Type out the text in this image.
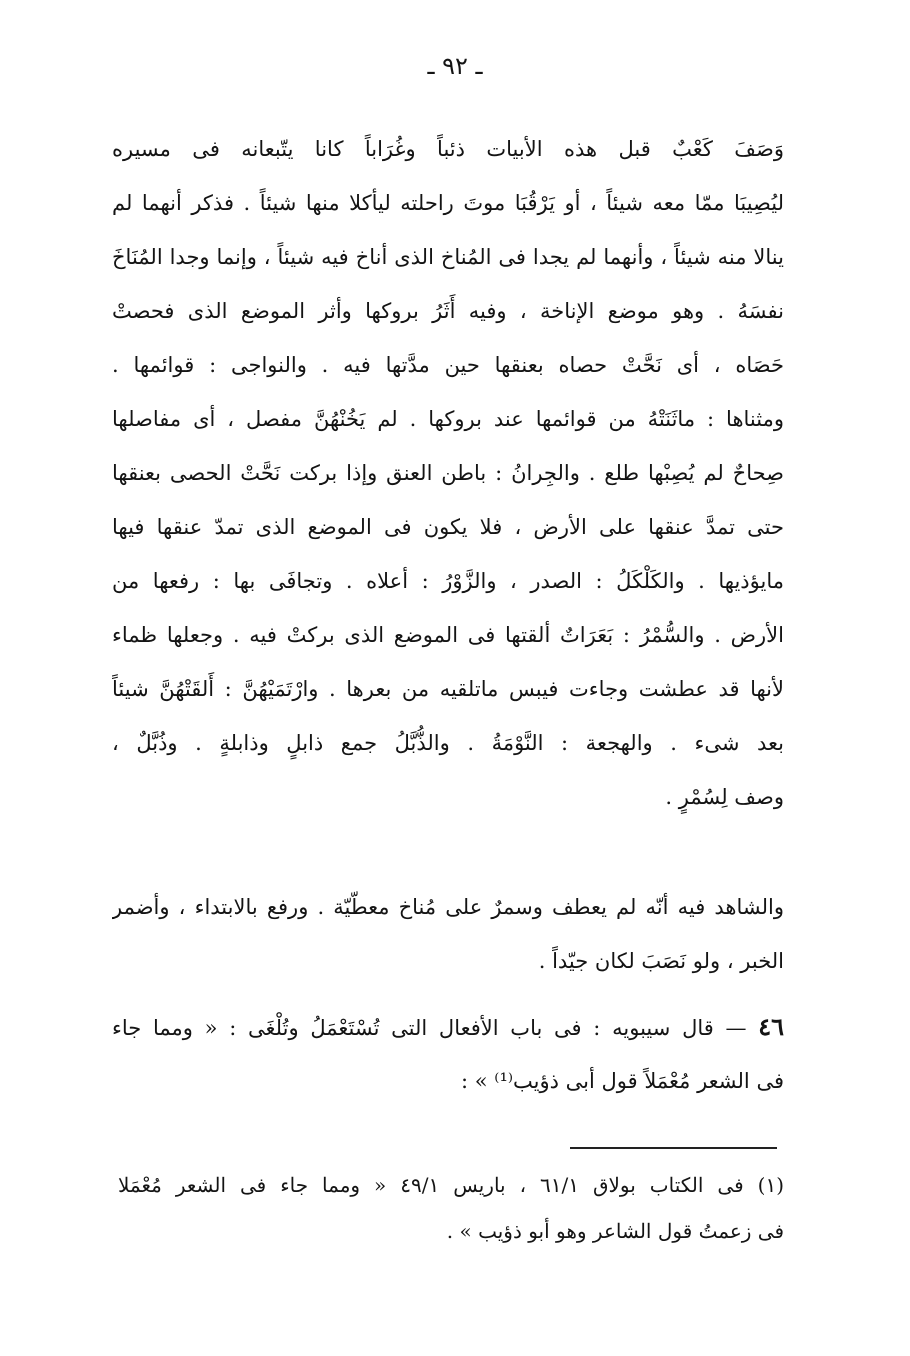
ـ ٩٢ ـ
وَصَفَ كَعْبٌ قبل هذه الأبيات ذئباً وغُرَاباً كانا يتّبعانه فى مسيره
ليُصِيبَا ممّا معه شيئاً ، أو يَرْقُبَا موتَ راحلته ليأكلا منها شيئاً . فذكر أنهما لم
ينالا منه شيئاً ، وأنهما لم يجدا فى المُناخ الذى أناخ فيه شيئاً ، وإنما وجدا المُنَاخَ
نفسَهُ . وهو موضع الإناخة ، وفيه أَثَرُ بروكها وأثر الموضع الذى فحصتْ
حَصَاه ، أى نَحَّتْ حصاه بعنقها حين مدَّتها فيه . والنواجى : قوائمها .
ومثناها : ماثَنَتْهُ من قوائمها عند بروكها . لم يَخُنْهُنَّ مفصل ، أى مفاصلها
صِحاحٌ لم يُصِبْها طلع . والجِرانُ : باطن العنق وإذا بركت نَحَّتْ الحصى بعنقها
حتى تمدَّ عنقها على الأرض ، فلا يكون فى الموضع الذى تمدّ عنقها فيها
مايؤذيها . والكَلْكَلُ : الصدر ، والزَّوْرُ : أعلاه . وتجافَى بها : رفعها من
الأرض . والسُّمْرُ : بَعَرَاتٌ ألقتها فى الموضع الذى بركتْ فيه . وجعلها ظماء
لأنها قد عطشت وجاءت فيبس ماتلقيه من بعرها . وارْتَمَيْهُنَّ : أَلقَتْهُنَّ شيئاً
بعد شىء . والهجعة : النَّوْمَةُ . والذُّبَّلُ جمع ذابلٍ وذابلةٍ . وذُبَّلٌ ،
وصف لِسُمْرٍ .
والشاهد فيه أنّه لم يعطف وسمرٌ على مُناخ معطّيّة . ورفع بالابتداء ، وأضمر
الخبر ، ولو نَصَبَ لكان جيّداً .
٤٦ — قال سيبويه : فى باب الأفعال التى تُسْتَعْمَلُ وتُلْغَى : « ومما جاء
فى الشعر مُعْمَلاً قول أبى ذؤيب⁽¹⁾ » :
(١) فى الكتاب بولاق ٦١/١ ، باريس ٤٩/١ « ومما جاء فى الشعر مُعْمَلا
فى زعمتُ قول الشاعر وهو أبو ذؤيب » .
